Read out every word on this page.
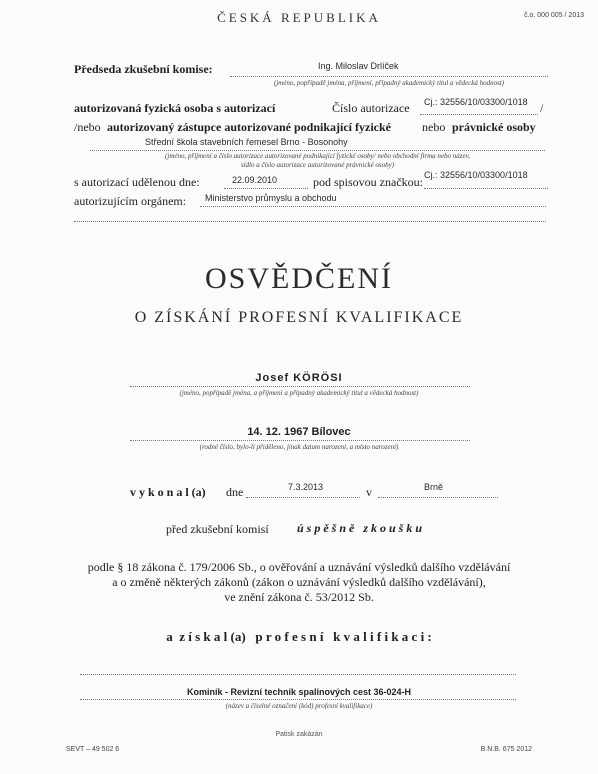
ČESKÁ REPUBLIKA	č.o. 000 005 / 2013
Předseda zkušební komise:	Ing. Miloslav Drlíček
(jméno, popřípadě jména, příjmení, případný akademický titul a vědecká hodnost)
autorizovaná fyzická osoba s autorizací	Číslo autorizace Cj.: 32556/10/03300/1018 /
/nebo autorizovaný zástupce autorizované podnikající fyzické	nebo právnické osoby
Střední škola stavebních řemesel Brno - Bosonohy
(jméno, příjmení a číslo autorizace autorizované podnikající fyzické osoby/ nebo obchodní firma nebo název,
sídlo a číslo autorizace autorizované právnické osoby)
s autorizací udělenou dne:	22.09.2010	pod spisovou značkou: Cj.: 32556/10/03300/1018
autorizujícím orgánem: Ministerstvo průmyslu a obchodu
OSVĚDČENÍ
O ZÍSKÁNÍ PROFESNÍ KVALIFIKACE
Josef KÖRÖSI
(jméno, popřípadě jména, a příjmení a případný akademický titul a vědecká hodnost)
14. 12. 1967 Bílovec
(rodné číslo, bylo-li přiděleno, jinak datum narození, a místo narození)
v y k o n a l (a) dne	7.3.2013	v	Brně
před zkušební komisí ú s p ě š n ě   z k o u š k u
podle § 18 zákona č. 179/2006 Sb., o ověřování a uznávání výsledků dalšího vzdělávání
a o změně některých zákonů (zákon o uznávání výsledků dalšího vzdělávání),
ve znění zákona č. 53/2012 Sb.
a  z í s k a l (a)   p r o f e s n í   k v a l i f i k a c i :
Kominík - Revizní technik spalinových cest 36-024-H
(název a číselné označení (kód) profesní kvalifikace)
Patisk zakázán
SEVT – 49 502 6	B.N.B. 675 2012
